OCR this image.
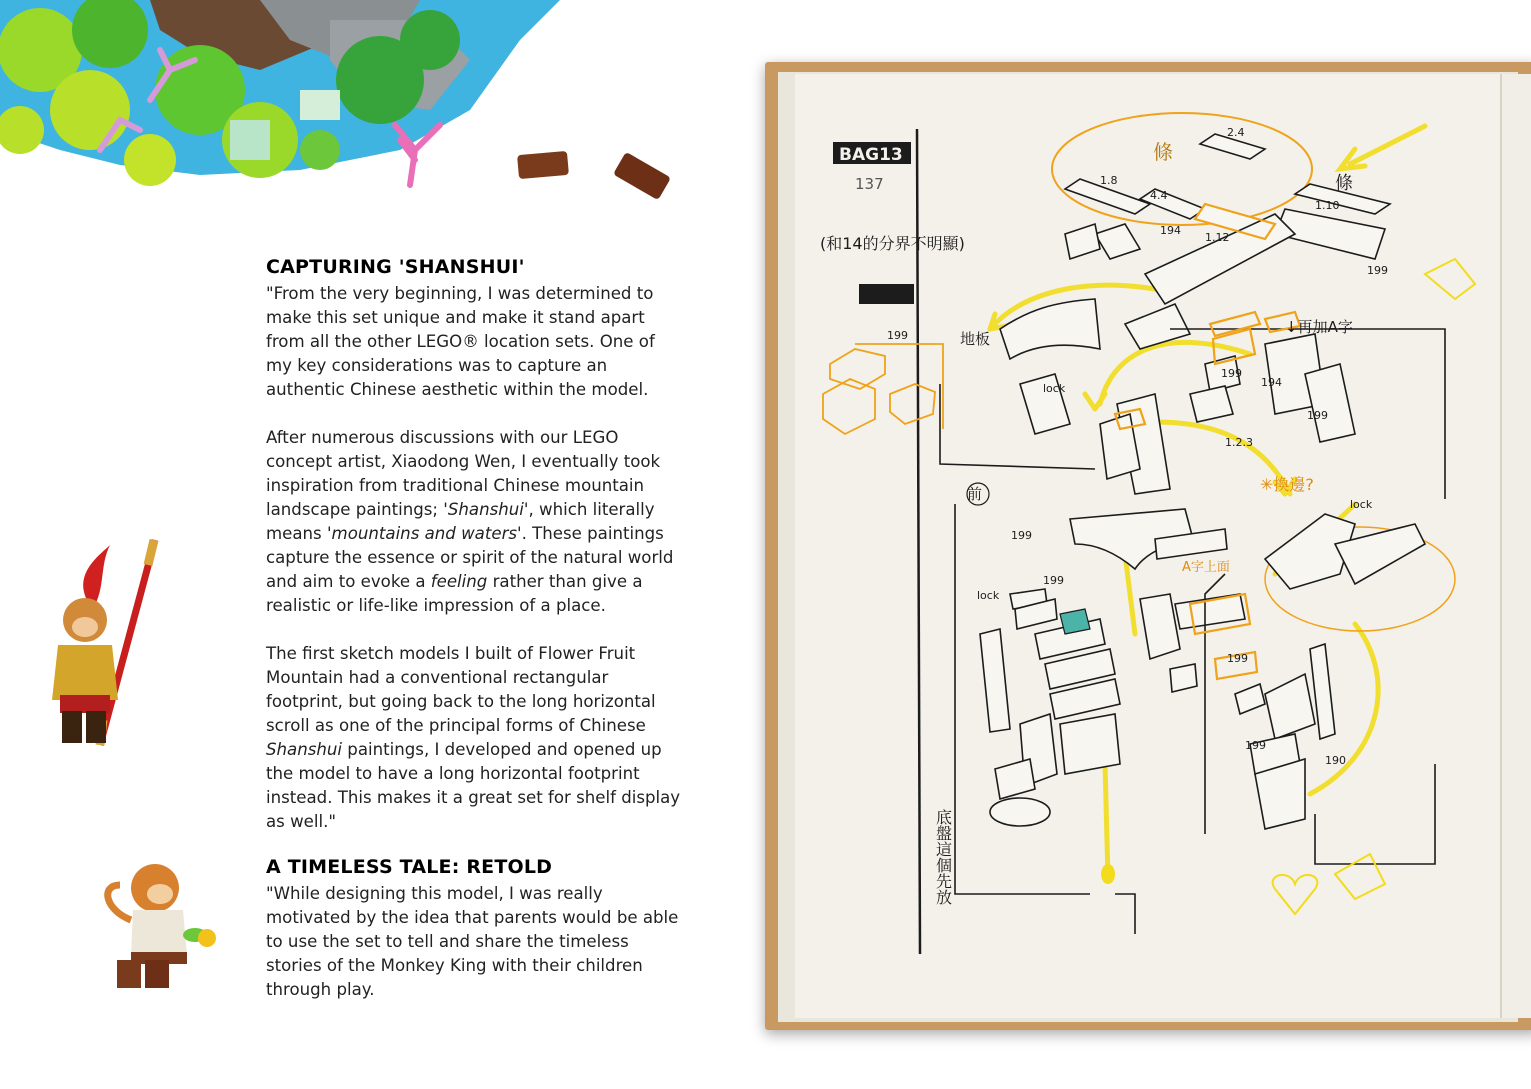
CAPTURING 'SHANSHUI'

"From the very beginning, I was determined to make this set unique and make it stand apart from all the other LEGO® location sets. One of my key considerations was to capture an authentic Chinese aesthetic within the model.

After numerous discussions with our LEGO concept artist, Xiaodong Wen, I eventually took inspiration from traditional Chinese mountain landscape paintings; 'Shanshui', which literally means 'mountains and waters'. These paintings capture the essence or spirit of the natural world and aim to evoke a feeling rather than give a realistic or life-like impression of a place.

The first sketch models I built of Flower Fruit Mountain had a conventional rectangular footprint, but going back to the long horizontal scroll as one of the principal forms of Chinese Shanshui paintings, I developed and opened up the model to have a long horizontal footprint instead. This makes it a great set for shelf display as well."

A TIMELESS TALE: RETOLD

"While designing this model, I was really motivated by the idea that parents would be able to use the set to tell and share the timeless stories of the Monkey King with their children through play.

BAG13
137
(和14的分界不明顯)
2.4
1.8
4.4
1.10
194
1.12
199
199
lock
199
194
199
1.2.3
lock
199
199
lock
199
199
190
條
條
↓再加A字
✳換邊?
A字上面
前
地板
底盤這個先放
